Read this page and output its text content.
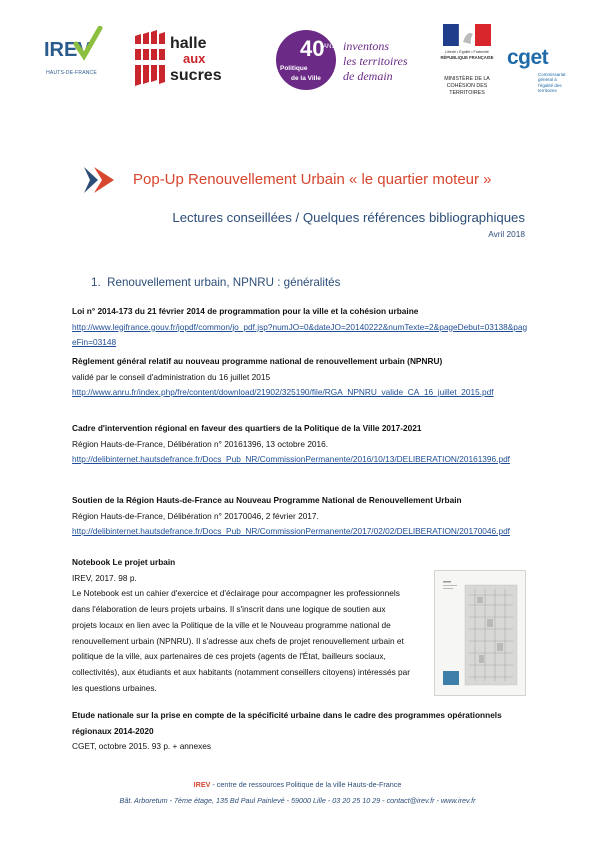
IREV
HAUTS-DE-FRANCE
halle
aux
sucres
40
ANS
Politique
de la Ville
inventons
les territoires
de demain
Liberté • Égalité • Fraternité
RÉPUBLIQUE FRANÇAISE
MINISTÈRE DE LA COHÉSION DES TERRITOIRES
cget
Commissariat général à l'égalité des territoires
Pop-Up Renouvellement Urbain « le quartier moteur »
Lectures conseillées / Quelques références bibliographiques
Avril 2018
1. Renouvellement urbain, NPNRU : généralités
Loi n° 2014-173 du 21 février 2014 de programmation pour la ville et la cohésion urbaine
http://www.legifrance.gouv.fr/jopdf/common/jo_pdf.jsp?numJO=0&dateJO=20140222&numTexte=2&pageDebut=03138&pageFin=03148
Règlement général relatif au nouveau programme national de renouvellement urbain (NPNRU)
validé par le conseil d'administration du 16 juillet 2015
http://www.anru.fr/index.php/fre/content/download/21902/325190/file/RGA_NPNRU_valide_CA_16_juillet_2015.pdf
Cadre d'intervention régional en faveur des quartiers de la Politique de la Ville 2017-2021
Région Hauts-de-France, Délibération n° 20161396, 13 octobre 2016.
http://delibinternet.hautsdefrance.fr/Docs_Pub_NR/CommissionPermanente/2016/10/13/DELIBERATION/20161396.pdf
Soutien de la Région Hauts-de-France au Nouveau Programme National de Renouvellement Urbain
Région Hauts-de-France, Délibération n° 20170046, 2 février 2017.
http://delibinternet.hautsdefrance.fr/Docs_Pub_NR/CommissionPermanente/2017/02/02/DELIBERATION/20170046.pdf
Notebook Le projet urbain
IREV, 2017. 98 p.
Le Notebook est un cahier d'exercice et d'éclairage pour accompagner les professionnels dans l'élaboration de leurs projets urbains. Il s'inscrit dans une logique de soutien aux projets locaux en lien avec la Politique de la ville et le Nouveau programme national de renouvellement urbain (NPNRU). Il s'adresse aux chefs de projet renouvellement urbain et politique de la ville, aux partenaires de ces projets (agents de l'État, bailleurs sociaux, collectivités), aux étudiants et aux habitants (notamment conseillers citoyens) intéressés par les questions urbaines.
Etude nationale sur la prise en compte de la spécificité urbaine dans le cadre des programmes opérationnels régionaux 2014-2020
CGET, octobre 2015. 93 p. + annexes
IREV - centre de ressources Politique de la ville Hauts-de-France
Bât. Arboretum - 7ème étage, 135 Bd Paul Painlevé - 59000 Lille - 03 20 25 10 29 - contact@irev.fr - www.irev.fr
